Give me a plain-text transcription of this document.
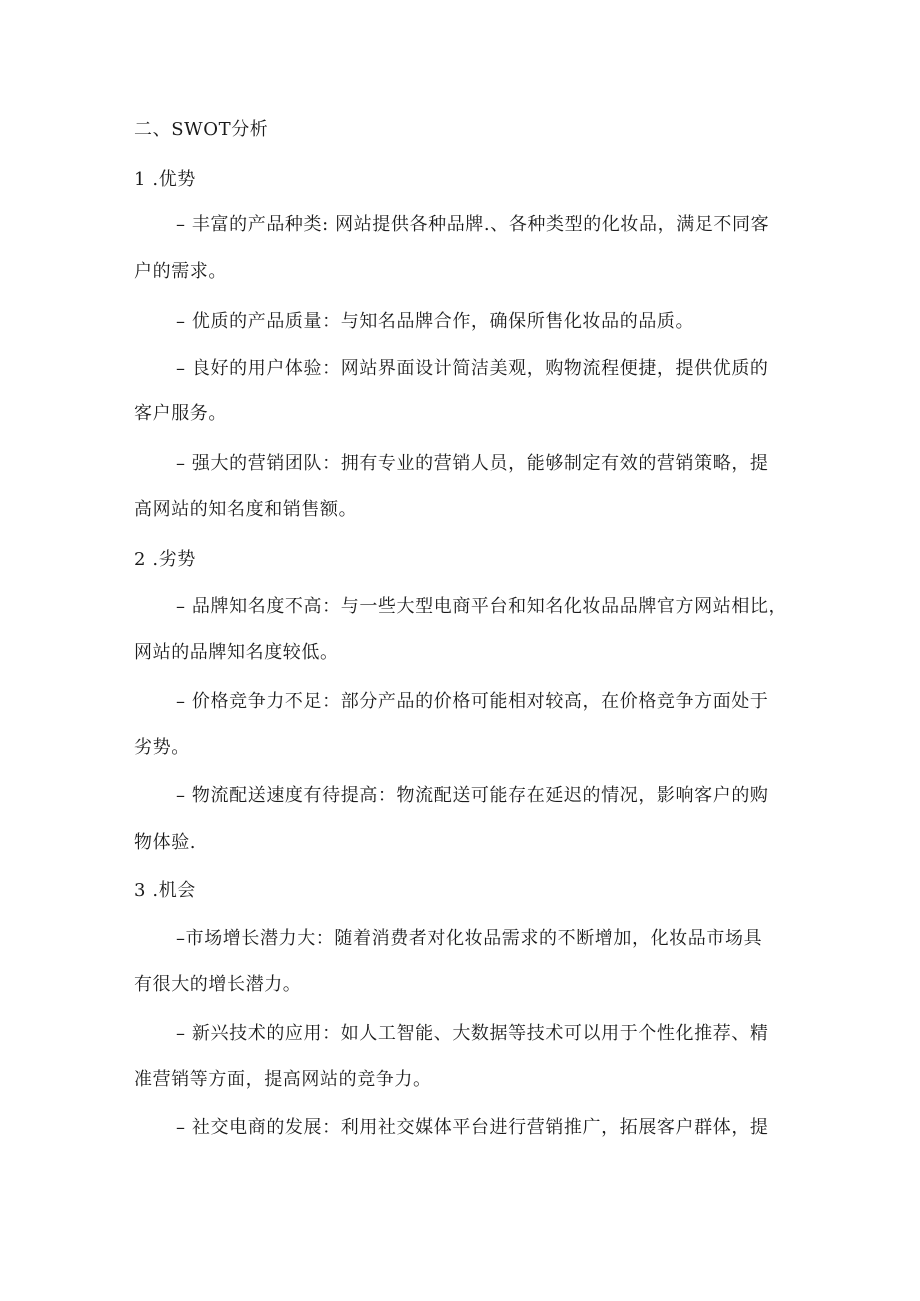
二、SWOT分析
1 .优势
– 丰富的产品种类: 网站提供各种品牌.、各种类型的化妆品，满足不同客
户的需求。
– 优质的产品质量：与知名品牌合作，确保所售化妆品的品质。
– 良好的用户体验：网站界面设计简洁美观，购物流程便捷，提供优质的
客户服务。
– 强大的营销团队：拥有专业的营销人员，能够制定有效的营销策略，提
高网站的知名度和销售额。
2 .劣势
– 品牌知名度不高：与一些大型电商平台和知名化妆品品牌官方网站相比，
网站的品牌知名度较低。
– 价格竞争力不足：部分产品的价格可能相对较高，在价格竞争方面处于
劣势。
– 物流配送速度有待提高：物流配送可能存在延迟的情况，影响客户的购
物体验.
3 .机会
–市场增长潜力大：随着消费者对化妆品需求的不断增加，化妆品市场具
有很大的增长潜力。
– 新兴技术的应用：如人工智能、大数据等技术可以用于个性化推荐、精
准营销等方面，提高网站的竞争力。
– 社交电商的发展：利用社交媒体平台进行营销推广，拓展客户群体，提
